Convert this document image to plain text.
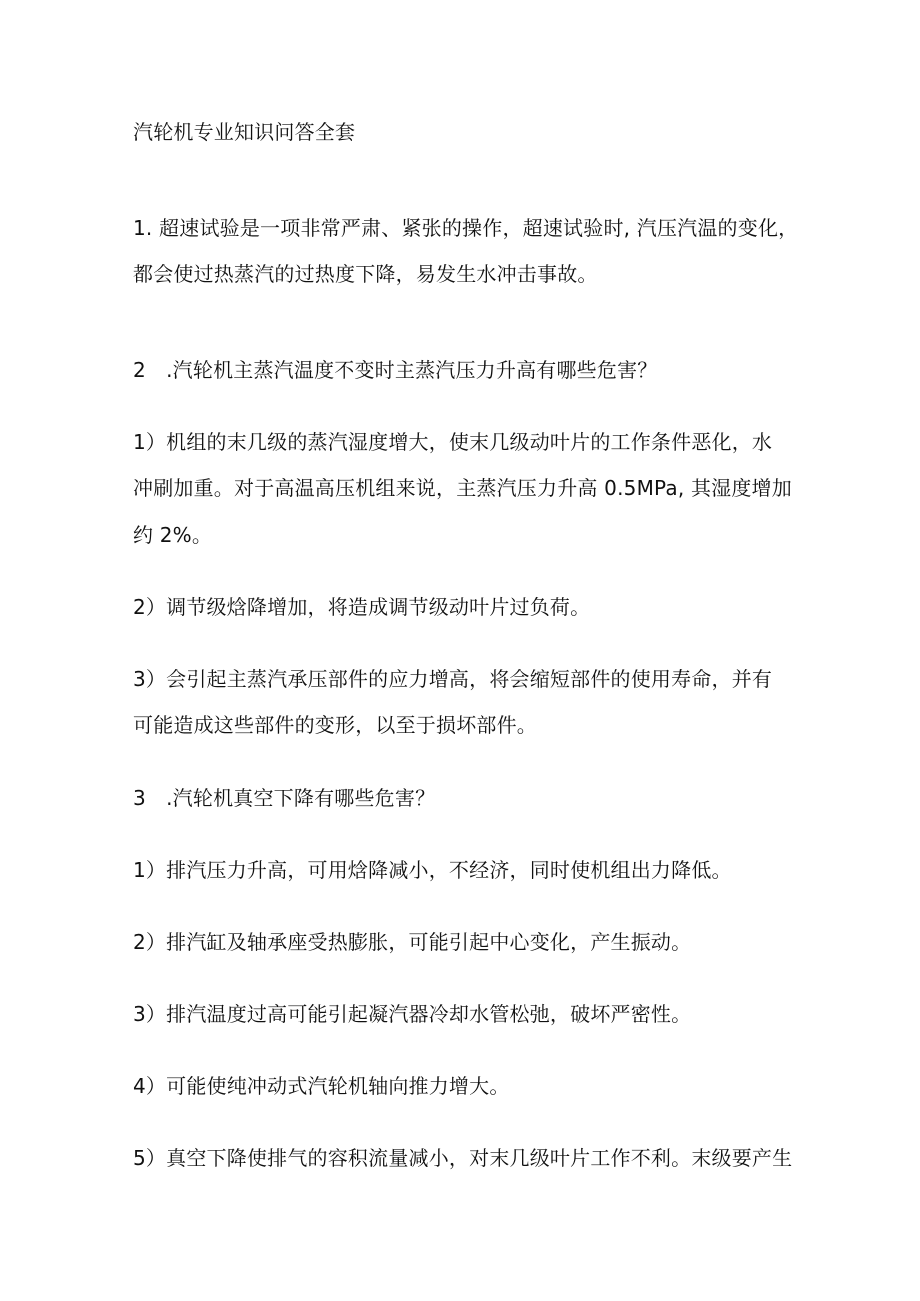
汽轮机专业知识问答全套
1. 超速试验是一项非常严肃、紧张的操作，超速试验时, 汽压汽温的变化，
都会使过热蒸汽的过热度下降，易发生水冲击事故。
2　.汽轮机主蒸汽温度不变时主蒸汽压力升高有哪些危害？
1）机组的末几级的蒸汽湿度增大，使末几级动叶片的工作条件恶化，水
冲刷加重。对于高温高压机组来说，主蒸汽压力升高 0.5MPa, 其湿度增加
约 2%。
2）调节级焓降增加，将造成调节级动叶片过负荷。
3）会引起主蒸汽承压部件的应力增高，将会缩短部件的使用寿命，并有
可能造成这些部件的变形，以至于损坏部件。
3　.汽轮机真空下降有哪些危害？
1）排汽压力升高，可用焓降减小，不经济，同时使机组出力降低。
2）排汽缸及轴承座受热膨胀，可能引起中心变化，产生振动。
3）排汽温度过高可能引起凝汽器冷却水管松弛，破坏严密性。
4）可能使纯冲动式汽轮机轴向推力增大。
5）真空下降使排气的容积流量减小，对末几级叶片工作不利。末级要产生
